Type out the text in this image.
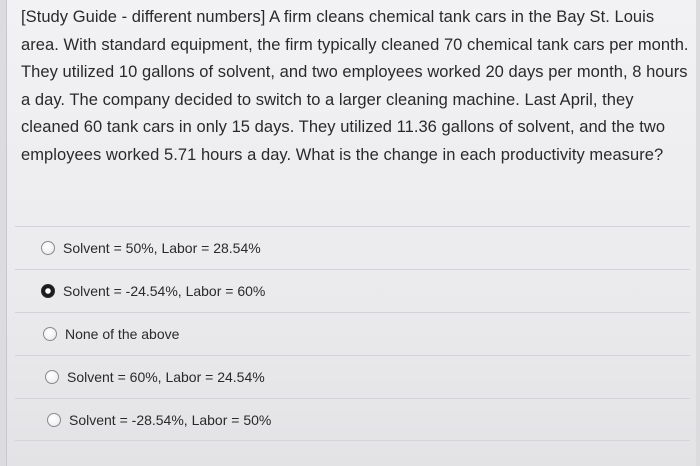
[Study Guide - different numbers] A firm cleans chemical tank cars in the Bay St. Louis area. With standard equipment, the firm typically cleaned 70 chemical tank cars per month. They utilized 10 gallons of solvent, and two employees worked 20 days per month, 8 hours a day. The company decided to switch to a larger cleaning machine. Last April, they cleaned 60 tank cars in only 15 days. They utilized 11.36 gallons of solvent, and the two employees worked 5.71 hours a day. What is the change in each productivity measure?
Solvent = 50%, Labor = 28.54%
Solvent = -24.54%, Labor = 60%
None of the above
Solvent = 60%, Labor = 24.54%
Solvent = -28.54%, Labor = 50%
